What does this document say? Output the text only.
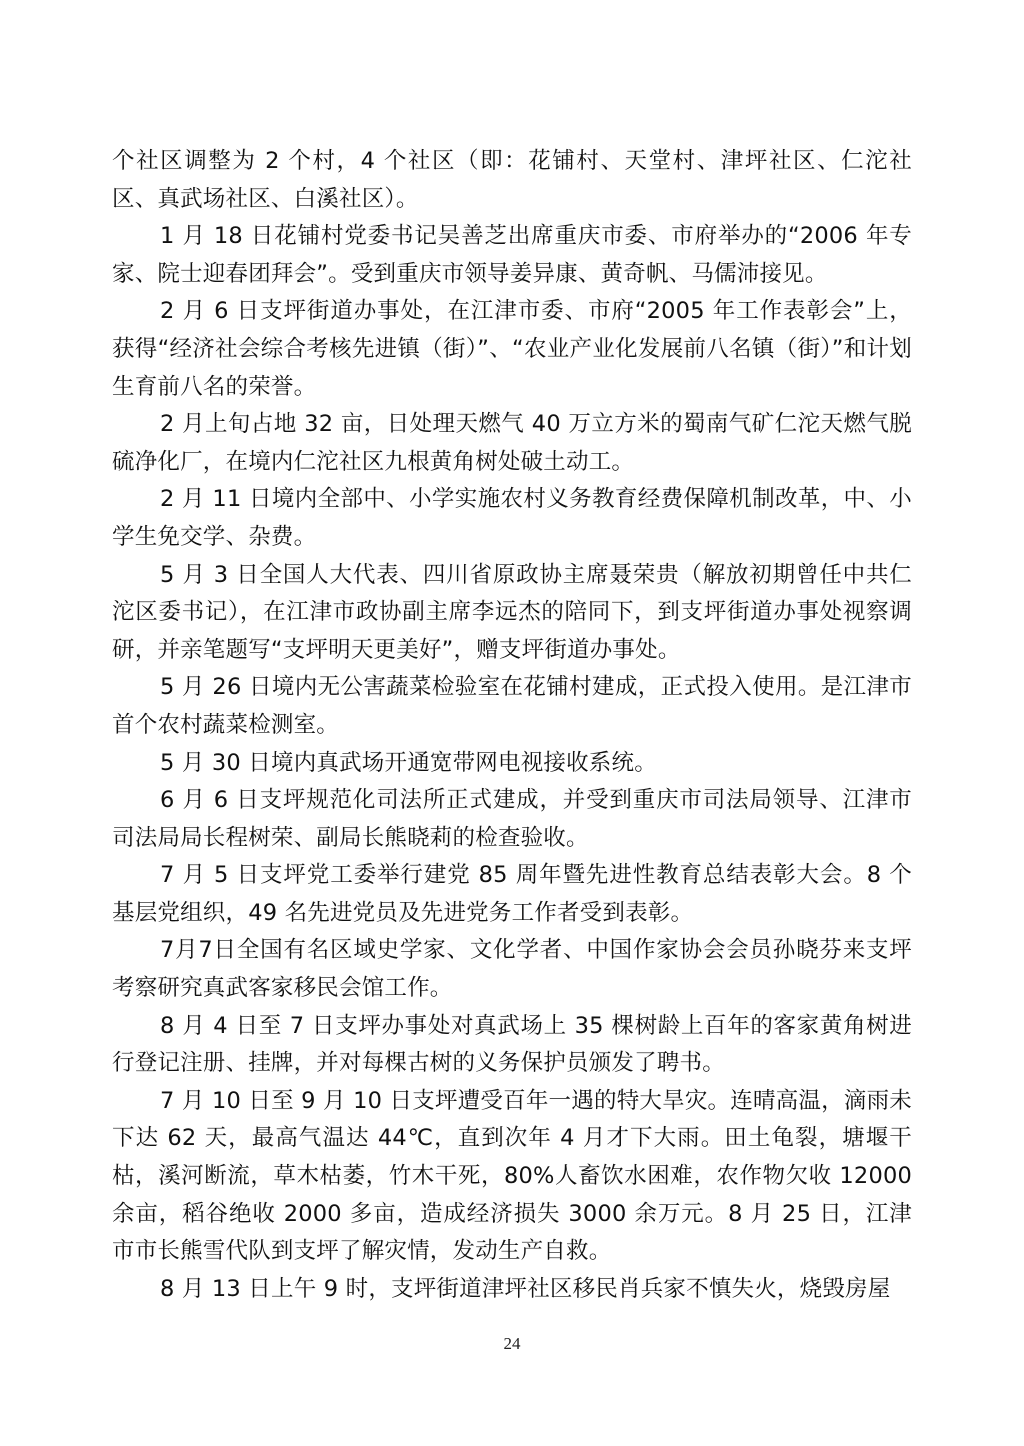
个社区调整为 2 个村，4 个社区（即：花铺村、天堂村、津坪社区、仁沱社区、真武场社区、白溪社区）。

1 月 18 日花铺村党委书记吴善芝出席重庆市委、市府举办的“2006 年专家、院士迎春团拜会”。受到重庆市领导姜异康、黄奇帆、马儒沛接见。

2 月 6 日支坪街道办事处，在江津市委、市府“2005 年工作表彰会”上，获得“经济社会综合考核先进镇（街）”、“农业产业化发展前八名镇（街）”和计划生育前八名的荣誉。

2 月上旬占地 32 亩，日处理天燃气 40 万立方米的蜀南气矿仁沱天燃气脱硫净化厂，在境内仁沱社区九根黄角树处破土动工。

2 月 11 日境内全部中、小学实施农村义务教育经费保障机制改革，中、小学生免交学、杂费。

5 月 3 日全国人大代表、四川省原政协主席聂荣贵（解放初期曾任中共仁沱区委书记），在江津市政协副主席李远杰的陪同下，到支坪街道办事处视察调研，并亲笔题写“支坪明天更美好”，赠支坪街道办事处。

5 月 26 日境内无公害蔬菜检验室在花铺村建成，正式投入使用。是江津市首个农村蔬菜检测室。

5 月 30 日境内真武场开通宽带网电视接收系统。

6 月 6 日支坪规范化司法所正式建成，并受到重庆市司法局领导、江津市司法局局长程树荣、副局长熊晓莉的检查验收。

7 月 5 日支坪党工委举行建党 85 周年暨先进性教育总结表彰大会。8 个基层党组织，49 名先进党员及先进党务工作者受到表彰。

7月7日全国有名区域史学家、文化学者、中国作家协会会员孙晓芬来支坪考察研究真武客家移民会馆工作。

8 月 4 日至 7 日支坪办事处对真武场上 35 棵树龄上百年的客家黄角树进行登记注册、挂牌，并对每棵古树的义务保护员颁发了聘书。

7 月 10 日至 9 月 10 日支坪遭受百年一遇的特大旱灾。连晴高温，滴雨未下达 62 天，最高气温达 44℃，直到次年 4 月才下大雨。田土龟裂，塘堰干枯，溪河断流，草木枯萎，竹木干死，80%人畜饮水困难，农作物欠收 12000 余亩，稻谷绝收 2000 多亩，造成经济损失 3000 余万元。8 月 25 日，江津市市长熊雪代队到支坪了解灾情，发动生产自救。

8 月 13 日上午 9 时，支坪街道津坪社区移民肖兵家不慎失火，烧毁房屋

24
